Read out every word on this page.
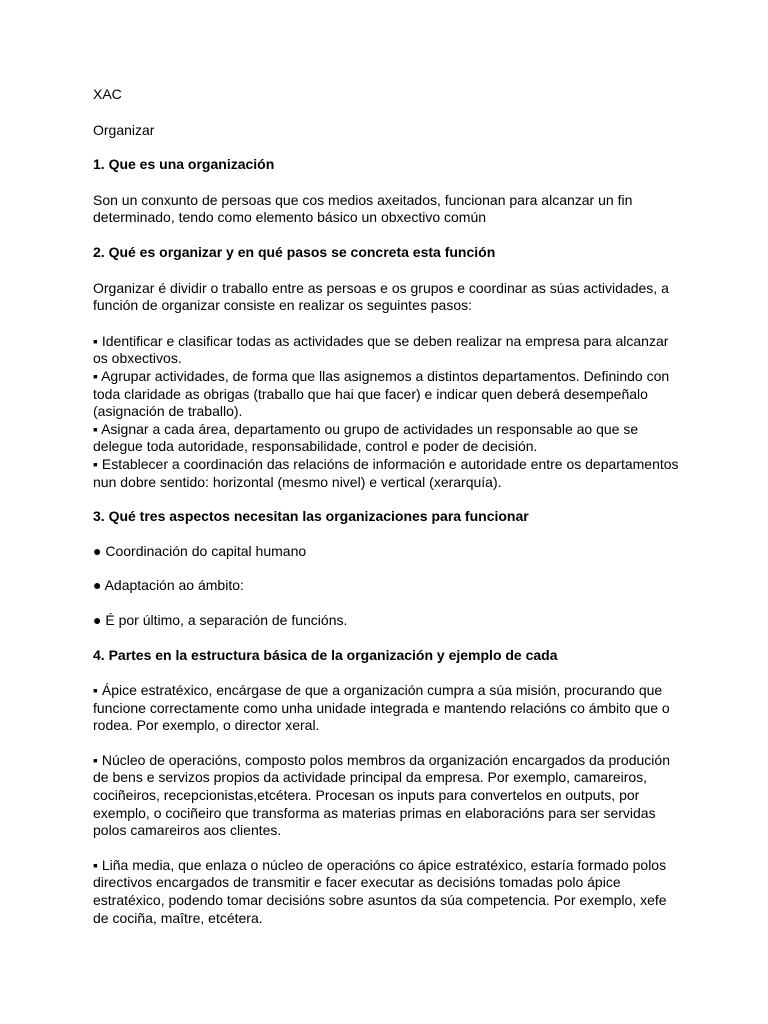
XAC

Organizar

1. Que es una organización

Son un conxunto de persoas que cos medios axeitados, funcionan para alcanzar un fin determinado, tendo como elemento básico un obxectivo común

2. Qué es organizar y en qué pasos se concreta esta función

Organizar é dividir o traballo entre as persoas e os grupos e coordinar as súas actividades, a función de organizar consiste en realizar os seguintes pasos:

▪ Identificar e clasificar todas as actividades que se deben realizar na empresa para alcanzar os obxectivos.

▪ Agrupar actividades, de forma que llas asignemos a distintos departamentos. Definindo con toda claridade as obrigas (traballo que hai que facer) e indicar quen deberá desempeñalo (asignación de traballo).

▪ Asignar a cada área, departamento ou grupo de actividades un responsable ao que se delegue toda autoridade, responsabilidade, control e poder de decisión.

▪ Establecer a coordinación das relacións de información e autoridade entre os departamentos nun dobre sentido: horizontal (mesmo nivel) e vertical (xerarquía).

3. Qué tres aspectos necesitan las organizaciones para funcionar

● Coordinación do capital humano

● Adaptación ao ámbito:

● É por último, a separación de funcións.

4. Partes en la estructura básica de la organización y ejemplo de cada

▪ Ápice estratéxico, encárgase de que a organización cumpra a súa misión, procurando que funcione correctamente como unha unidade integrada e mantendo relacións co ámbito que o rodea. Por exemplo, o director xeral.

▪ Núcleo de operacións, composto polos membros da organización encargados da produción de bens e servizos propios da actividade principal da empresa. Por exemplo, camareiros, cociñeiros, recepcionistas,etcétera. Procesan os inputs para convertelos en outputs, por exemplo, o cociñeiro que transforma as materias primas en elaboracións para ser servidas polos camareiros aos clientes.

▪ Liña media, que enlaza o núcleo de operacións co ápice estratéxico, estaría formado polos directivos encargados de transmitir e facer executar as decisións tomadas polo ápice estratéxico, podendo tomar decisións sobre asuntos da súa competencia. Por exemplo, xefe de cociña, maître, etcétera.
